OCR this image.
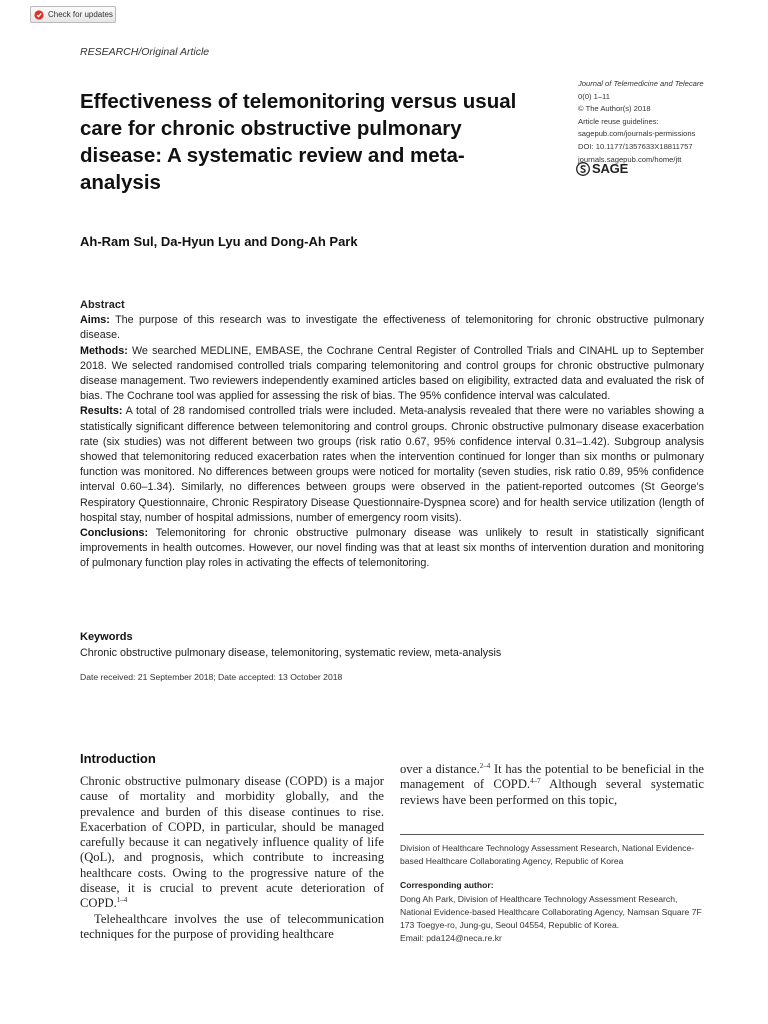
Check for updates
RESEARCH/Original Article
Effectiveness of telemonitoring versus usual care for chronic obstructive pulmonary disease: A systematic review and meta-analysis
Journal of Telemedicine and Telecare
0(0) 1–11
© The Author(s) 2018
Article reuse guidelines:
sagepub.com/journals-permissions
DOI: 10.1177/1357633X18811757
journals.sagepub.com/home/jtt
SAGE
Ah-Ram Sul, Da-Hyun Lyu and Dong-Ah Park
Abstract
Aims: The purpose of this research was to investigate the effectiveness of telemonitoring for chronic obstructive pulmonary disease.
Methods: We searched MEDLINE, EMBASE, the Cochrane Central Register of Controlled Trials and CINAHL up to September 2018. We selected randomised controlled trials comparing telemonitoring and control groups for chronic obstructive pulmonary disease management. Two reviewers independently examined articles based on eligibility, extracted data and evaluated the risk of bias. The Cochrane tool was applied for assessing the risk of bias. The 95% confidence interval was calculated.
Results: A total of 28 randomised controlled trials were included. Meta-analysis revealed that there were no variables showing a statistically significant difference between telemonitoring and control groups. Chronic obstructive pulmonary disease exacerbation rate (six studies) was not different between two groups (risk ratio 0.67, 95% confidence interval 0.31–1.42). Subgroup analysis showed that telemonitoring reduced exacerbation rates when the intervention continued for longer than six months or pulmonary function was monitored. No differences between groups were noticed for mortality (seven studies, risk ratio 0.89, 95% confidence interval 0.60–1.34). Similarly, no differences between groups were observed in the patient-reported outcomes (St George’s Respiratory Questionnaire, Chronic Respiratory Disease Questionnaire-Dyspnea score) and for health service utilization (length of hospital stay, number of hospital admissions, number of emergency room visits).
Conclusions: Telemonitoring for chronic obstructive pulmonary disease was unlikely to result in statistically significant improvements in health outcomes. However, our novel finding was that at least six months of intervention duration and monitoring of pulmonary function play roles in activating the effects of telemonitoring.
Keywords
Chronic obstructive pulmonary disease, telemonitoring, systematic review, meta-analysis
Date received: 21 September 2018; Date accepted: 13 October 2018
Introduction
Chronic obstructive pulmonary disease (COPD) is a major cause of mortality and morbidity globally, and the prevalence and burden of this disease continues to rise. Exacerbation of COPD, in particular, should be managed carefully because it can negatively influence quality of life (QoL), and prognosis, which contribute to increasing healthcare costs. Owing to the progressive nature of the disease, it is crucial to prevent acute deterioration of COPD.$^{1-4}$
Telehealthcare involves the use of telecommunication techniques for the purpose of providing healthcare
over a distance.$^{2-4}$ It has the potential to be beneficial in the management of COPD.$^{4-7}$ Although several systematic reviews have been performed on this topic,
Division of Healthcare Technology Assessment Research, National Evidence-based Healthcare Collaborating Agency, Republic of Korea
Corresponding author:
Dong Ah Park, Division of Healthcare Technology Assessment Research, National Evidence-based Healthcare Collaborating Agency, Namsan Square 7F 173 Toegye-ro, Jung-gu, Seoul 04554, Republic of Korea.
Email: pda124@neca.re.kr
